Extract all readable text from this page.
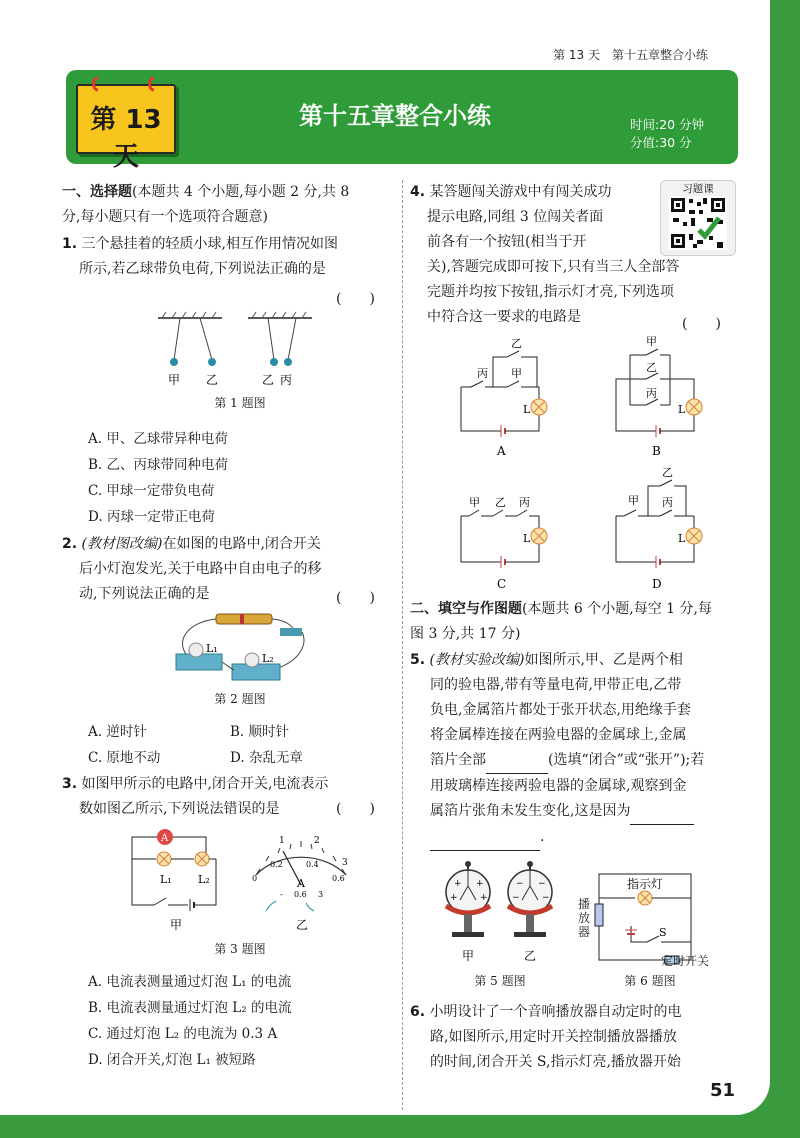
第 13 天 第十五章整合小练
第 13 天
第十五章整合小练	时间:20 分钟
分值:30 分
一、选择题(本题共 4 个小题,每小题 2 分,共 8
分,每小题只有一个选项符合题意)
1. 三个悬挂着的轻质小球,相互作用情况如图
所示,若乙球带负电荷,下列说法正确的是
(　　)
甲 乙	乙 丙
第 1 题图
A. 甲、乙球带异种电荷
B. 乙、丙球带同种电荷
C. 甲球一定带负电荷
D. 丙球一定带正电荷
2. (教材图改编)在如图的电路中,闭合开关
后小灯泡发光,关于电路中自由电子的移
动,下列说法正确的是	(　　)
L₁
L₂
第 2 题图
A. 逆时针	B. 顺时针
C. 原地不动	D. 杂乱无章
3. 如图甲所示的电路中,闭合开关,电流表示
数如图乙所示,下列说法错误的是	(　　)
A
L₁ L₂
甲
1	2
3
0
0.2	0.4
0.6
A
- 0.6 3
乙
第 3 题图
A. 电流表测量通过灯泡 L₁ 的电流
B. 电流表测量通过灯泡 L₂ 的电流
C. 通过灯泡 L₂ 的电流为 0.3 A
D. 闭合开关,灯泡 L₁ 被短路
习题课
4. 某答题闯关游戏中有闯关成功
提示电路,同组 3 位闯关者面
前各有一个按钮(相当于开
关),答题完成即可按下,只有当三人全部答
完题并均按下按钮,指示灯才亮,下列选项
中符合这一要求的电路是	(　　)
乙
丙 甲
L
A
甲
乙
丙
L
B
甲 乙 丙
L
C
乙
甲 丙
L
D
二、填空与作图题(本题共 6 个小题,每空 1 分,每
图 3 分,共 17 分)
5. (教材实验改编)如图所示,甲、乙是两个相
同的验电器,带有等量电荷,甲带正电,乙带
负电,金属箔片都处于张开状态,用绝缘手套
将金属棒连接在两验电器的金属球上,金属
箔片全部	(选填“闭合”或“张开”);若
用玻璃棒连接两验电器的金属球,观察到金
属箔片张角未发生变化,这是因为
.
+ +
+ +
− −
− −
甲	乙
第 5 题图
指示灯
S
播
放
器
定时开关
第 6 题图
6. 小明设计了一个音响播放器自动定时的电
路,如图所示,用定时开关控制播放器播放
的时间,闭合开关 S,指示灯亮,播放器开始
51
